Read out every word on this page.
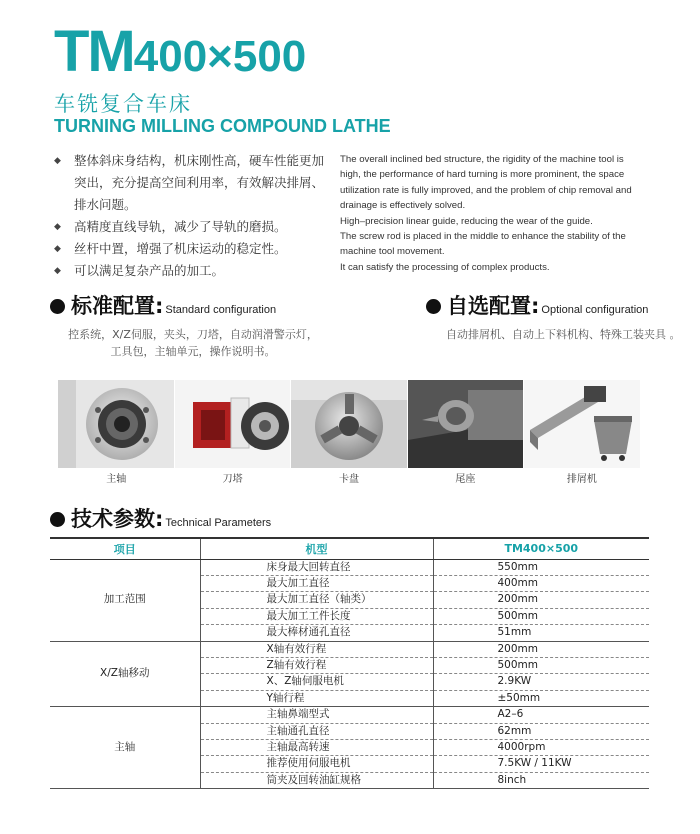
TM400×500
车铣复合车床
TURNING MILLING COMPOUND LATHE
◆ 整体斜床身结构，机床刚性高，硬车性能更加突出，充分提高空间利用率，有效解决排屑、排水问题。
◆ 高精度直线导轨，减少了导轨的磨损。
◆ 丝杆中置，增强了机床运动的稳定性。
◆ 可以满足复杂产品的加工。
The overall inclined bed structure, the rigidity of the machine tool is high, the performance of hard turning is more prominent, the space utilization rate is fully improved, and the problem of chip removal and drainage is effectively solved.
High–precision linear guide, reducing the wear of the guide.
The screw rod is placed in the middle to enhance the stability of the machine tool movement.
It can satisfy the processing of complex products.
标准配置: Standard configuration
控系统，X/Z伺服，夹头，刀塔，自动润滑警示灯，工具包，主轴单元，操作说明书。
自选配置: Optional configuration
自动排屑机、自动上下料机构、特殊工装夹具 。
主轴	刀塔	卡盘	尾座	排屑机
技术参数: Technical Parameters
项目	机型	TM400×500
加工范围	床身最大回转直径	550mm
	最大加工直径	400mm
	最大加工直径（轴类）	200mm
	最大加工工件长度	500mm
	最大棒材通孔直径	51mm
X/Z轴移动	X轴有效行程	200mm
	Z轴有效行程	500mm
	X、Z轴伺服电机	2.9KW
	Y轴行程	±50mm
主轴	主轴鼻端型式	A2–6
	主轴通孔直径	62mm
	主轴最高转速	4000rpm
	推荐使用伺服电机	7.5KW / 11KW
	筒夹及回转油缸规格	8inch
